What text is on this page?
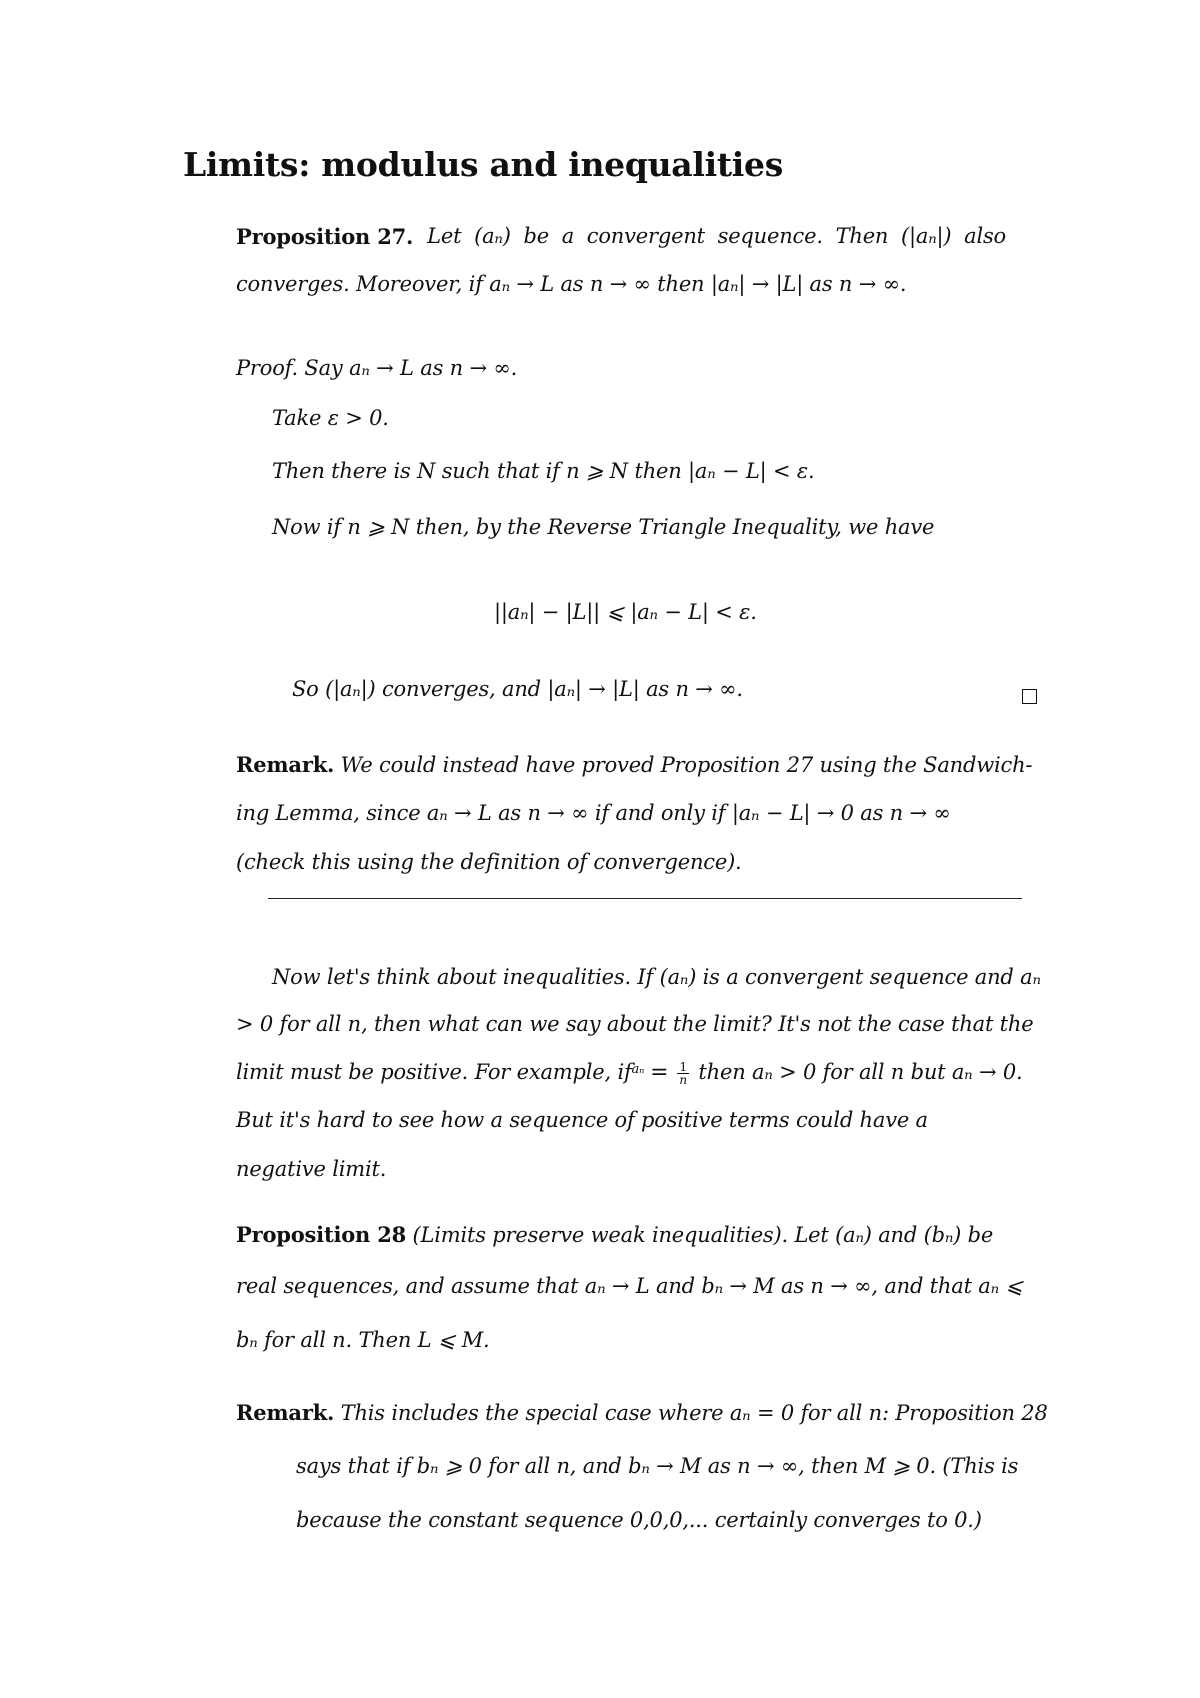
Limits: modulus and inequalities
Proposition 27. Let (aₙ) be a convergent sequence. Then (|aₙ|) also
converges. Moreover, if aₙ → L as n → ∞ then |aₙ| → |L| as n → ∞.
Proof. Say aₙ → L as n → ∞.
Take ε > 0.
Then there is N such that if n ⩾ N then |aₙ − L| < ε.
Now if n ⩾ N then, by the Reverse Triangle Inequality, we have
||aₙ| − |L|| ⩽ |aₙ − L| < ε.
So (|aₙ|) converges, and |aₙ| → |L| as n → ∞.
Remark. We could instead have proved Proposition 27 using the Sandwich-
ing Lemma, since aₙ → L as n → ∞ if and only if |aₙ − L| → 0 as n → ∞
(check this using the definition of convergence).
Now let's think about inequalities. If (aₙ) is a convergent sequence and aₙ
> 0 for all n, then what can we say about the limit? It's not the case that the
limit must be positive. For example, $if^{a_n} = \frac{1}{n}$ then aₙ > 0 for all n but aₙ → 0.
But it's hard to see how a sequence of positive terms could have a
negative limit.
Proposition 28 (Limits preserve weak inequalities). Let (aₙ) and (bₙ) be
real sequences, and assume that aₙ → L and bₙ → M as n → ∞, and that aₙ ⩽
bₙ for all n. Then L ⩽ M.
Remark. This includes the special case where aₙ = 0 for all n: Proposition 28
says that if bₙ ⩾ 0 for all n, and bₙ → M as n → ∞, then M ⩾ 0. (This is
because the constant sequence 0,0,0,... certainly converges to 0.)
